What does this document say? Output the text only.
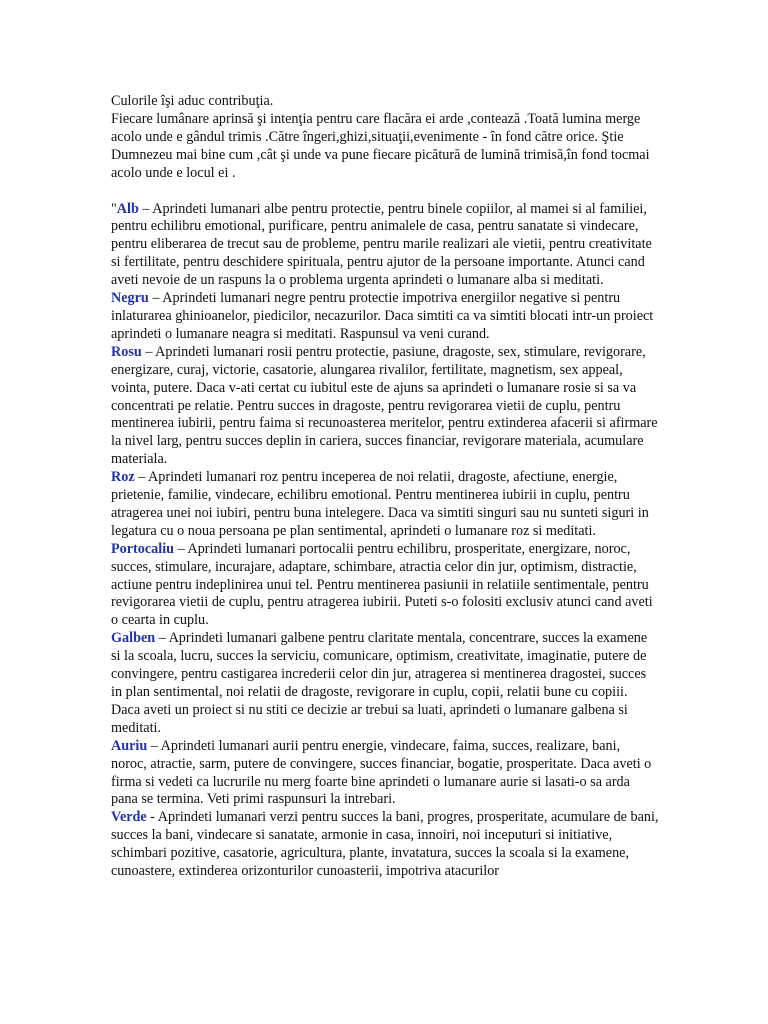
Culorile îşi aduc contribuţia.
Fiecare lumânare aprinsă şi intenţia pentru care flacăra ei arde ,contează .Toată lumina merge acolo unde e gândul trimis .Către îngeri,ghizi,situaţii,evenimente - în fond către orice. Ştie Dumnezeu mai bine cum ,cât şi unde va pune fiecare picătură de lumină trimisă,în fond tocmai acolo unde e locul ei .

"Alb – Aprindeti lumanari albe pentru protectie, pentru binele copiilor, al mamei si al familiei, pentru echilibru emotional, purificare, pentru animalele de casa, pentru sanatate si vindecare, pentru eliberarea de trecut sau de probleme, pentru marile realizari ale vietii, pentru creativitate si fertilitate, pentru deschidere spirituala, pentru ajutor de la persoane importante. Atunci cand aveti nevoie de un raspuns la o problema urgenta aprindeti o lumanare alba si meditati.

Negru – Aprindeti lumanari negre pentru protectie impotriva energiilor negative si pentru inlaturarea ghinioanelor, piedicilor, necazurilor. Daca simtiti ca va simtiti blocati intr-un proiect aprindeti o lumanare neagra si meditati. Raspunsul va veni curand.

Rosu – Aprindeti lumanari rosii pentru protectie, pasiune, dragoste, sex, stimulare, revigorare, energizare, curaj, victorie, casatorie, alungarea rivalilor, fertilitate, magnetism, sex appeal, vointa, putere. Daca v-ati certat cu iubitul este de ajuns sa aprindeti o lumanare rosie si sa va concentrati pe relatie. Pentru succes in dragoste, pentru revigorarea vietii de cuplu, pentru mentinerea iubirii, pentru faima si recunoasterea meritelor, pentru extinderea afacerii si afirmare la nivel larg, pentru succes deplin in cariera, succes financiar, revigorare materiala, acumulare materiala.

Roz – Aprindeti lumanari roz pentru inceperea de noi relatii, dragoste, afectiune, energie, prietenie, familie, vindecare, echilibru emotional. Pentru mentinerea iubirii in cuplu, pentru atragerea unei noi iubiri, pentru buna intelegere. Daca va simtiti singuri sau nu sunteti siguri in legatura cu o noua persoana pe plan sentimental, aprindeti o lumanare roz si meditati.

Portocaliu – Aprindeti lumanari portocalii pentru echilibru, prosperitate, energizare, noroc, succes, stimulare, incurajare, adaptare, schimbare, atractia celor din jur, optimism, distractie, actiune pentru indeplinirea unui tel. Pentru mentinerea pasiunii in relatiile sentimentale, pentru revigorarea vietii de cuplu, pentru atragerea iubirii. Puteti s-o folositi exclusiv atunci cand aveti o cearta in cuplu.

Galben – Aprindeti lumanari galbene pentru claritate mentala, concentrare, succes la examene si la scoala, lucru, succes la serviciu, comunicare, optimism, creativitate, imaginatie, putere de convingere, pentru castigarea increderii celor din jur, atragerea si mentinerea dragostei, succes in plan sentimental, noi relatii de dragoste, revigorare in cuplu, copii, relatii bune cu copiii. Daca aveti un proiect si nu stiti ce decizie ar trebui sa luati, aprindeti o lumanare galbena si meditati.

Auriu – Aprindeti lumanari aurii pentru energie, vindecare, faima, succes, realizare, bani, noroc, atractie, sarm, putere de convingere, succes financiar, bogatie, prosperitate. Daca aveti o firma si vedeti ca lucrurile nu merg foarte bine aprindeti o lumanare aurie si lasati-o sa arda pana se termina. Veti primi raspunsuri la intrebari.

Verde - Aprindeti lumanari verzi pentru succes la bani, progres, prosperitate, acumulare de bani, succes la bani, vindecare si sanatate, armonie in casa, innoiri, noi inceputuri si initiative, schimbari pozitive, casatorie, agricultura, plante, invatatura, succes la scoala si la examene, cunoastere, extinderea orizonturilor cunoasterii, impotriva atacurilor
